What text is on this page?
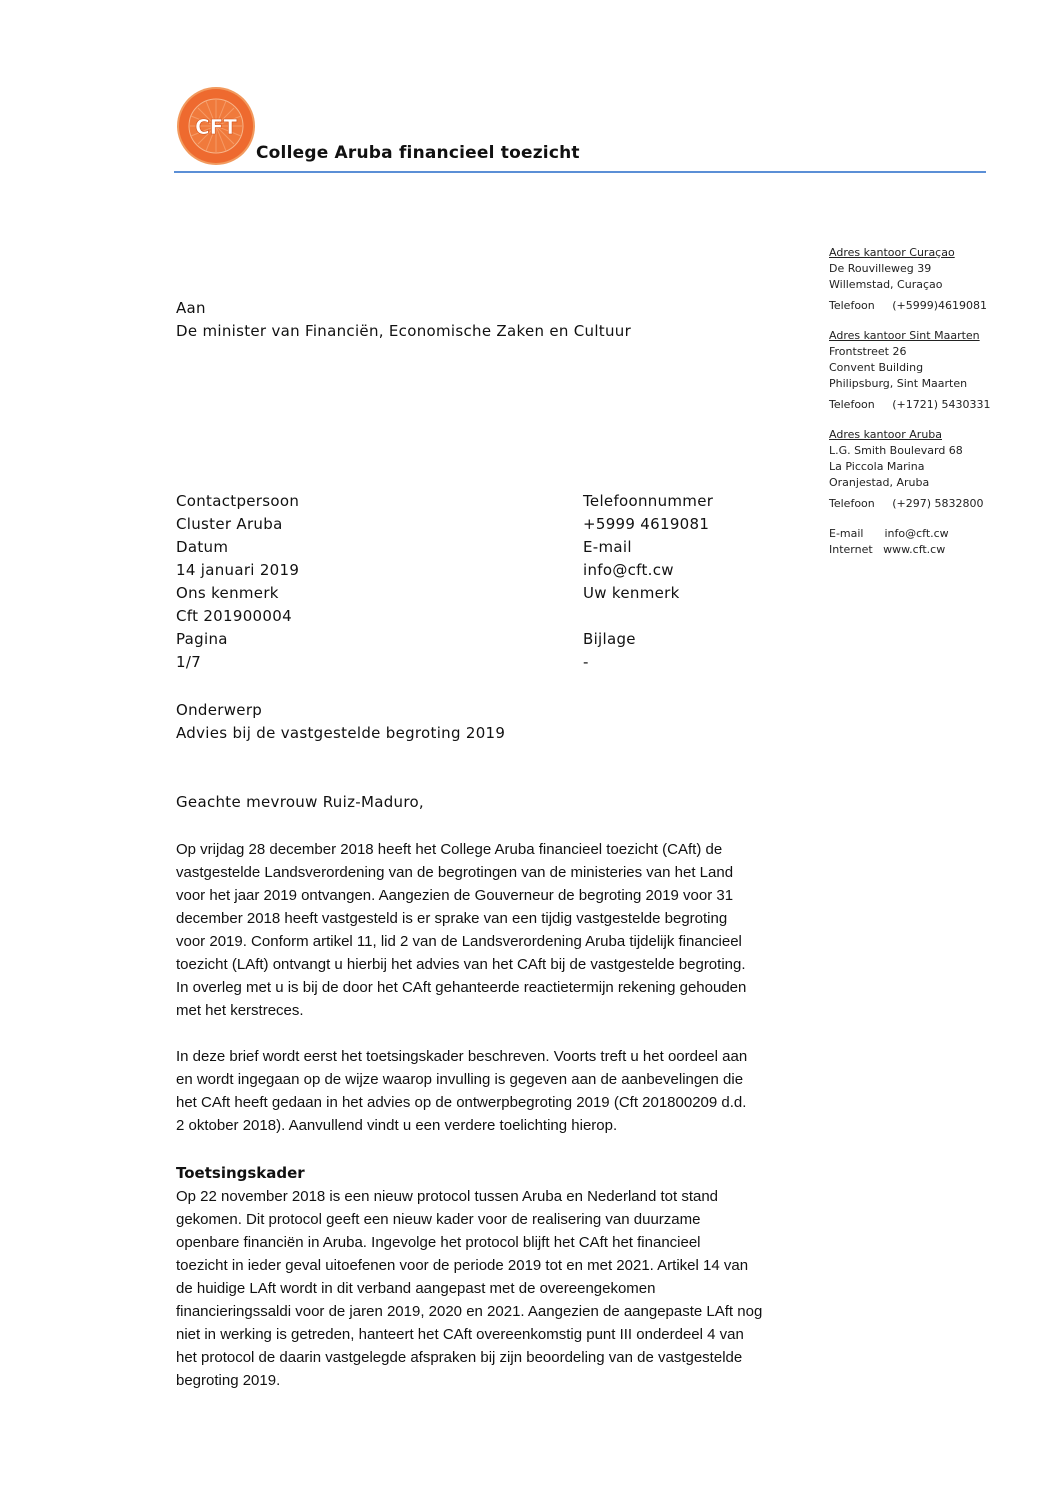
CFT
College Aruba financieel toezicht
Adres kantoor Curaçao
De Rouvilleweg 39
Willemstad, Curaçao
Telefoon     (+5999)4619081
Adres kantoor Sint Maarten
Frontstreet 26
Convent Building
Philipsburg, Sint Maarten
Telefoon     (+1721) 5430331
Adres kantoor Aruba
L.G. Smith Boulevard 68
La Piccola Marina
Oranjestad, Aruba
Telefoon     (+297) 5832800
E-mail      info@cft.cw
Internet   www.cft.cw
Aan
De minister van Financiën, Economische Zaken en Cultuur
Contactpersoon
Cluster Aruba
Datum
14 januari 2019
Ons kenmerk
Cft 201900004
Pagina
1/7
Telefoonnummer
+5999 4619081
E-mail
info@cft.cw
Uw kenmerk
Bijlage
-
Onderwerp
Advies bij de vastgestelde begroting 2019
Geachte mevrouw Ruiz-Maduro,
Op vrijdag 28 december 2018 heeft het College Aruba financieel toezicht (CAft) de
vastgestelde Landsverordening van de begrotingen van de ministeries van het Land
voor het jaar 2019 ontvangen. Aangezien de Gouverneur de begroting 2019 voor 31
december 2018 heeft vastgesteld is er sprake van een tijdig vastgestelde begroting
voor 2019. Conform artikel 11, lid 2 van de Landsverordening Aruba tijdelijk financieel
toezicht (LAft) ontvangt u hierbij het advies van het CAft bij de vastgestelde begroting.
In overleg met u is bij de door het CAft gehanteerde reactietermijn rekening gehouden
met het kerstreces.
In deze brief wordt eerst het toetsingskader beschreven. Voorts treft u het oordeel aan
en wordt ingegaan op de wijze waarop invulling is gegeven aan de aanbevelingen die
het CAft heeft gedaan in het advies op de ontwerpbegroting 2019 (Cft 201800209 d.d.
2 oktober 2018). Aanvullend vindt u een verdere toelichting hierop.
Toetsingskader
Op 22 november 2018 is een nieuw protocol tussen Aruba en Nederland tot stand
gekomen. Dit protocol geeft een nieuw kader voor de realisering van duurzame
openbare financiën in Aruba. Ingevolge het protocol blijft het CAft het financieel
toezicht in ieder geval uitoefenen voor de periode 2019 tot en met 2021. Artikel 14 van
de huidige LAft wordt in dit verband aangepast met de overeengekomen
financieringssaldi voor de jaren 2019, 2020 en 2021. Aangezien de aangepaste LAft nog
niet in werking is getreden, hanteert het CAft overeenkomstig punt III onderdeel 4 van
het protocol de daarin vastgelegde afspraken bij zijn beoordeling van de vastgestelde
begroting 2019.
